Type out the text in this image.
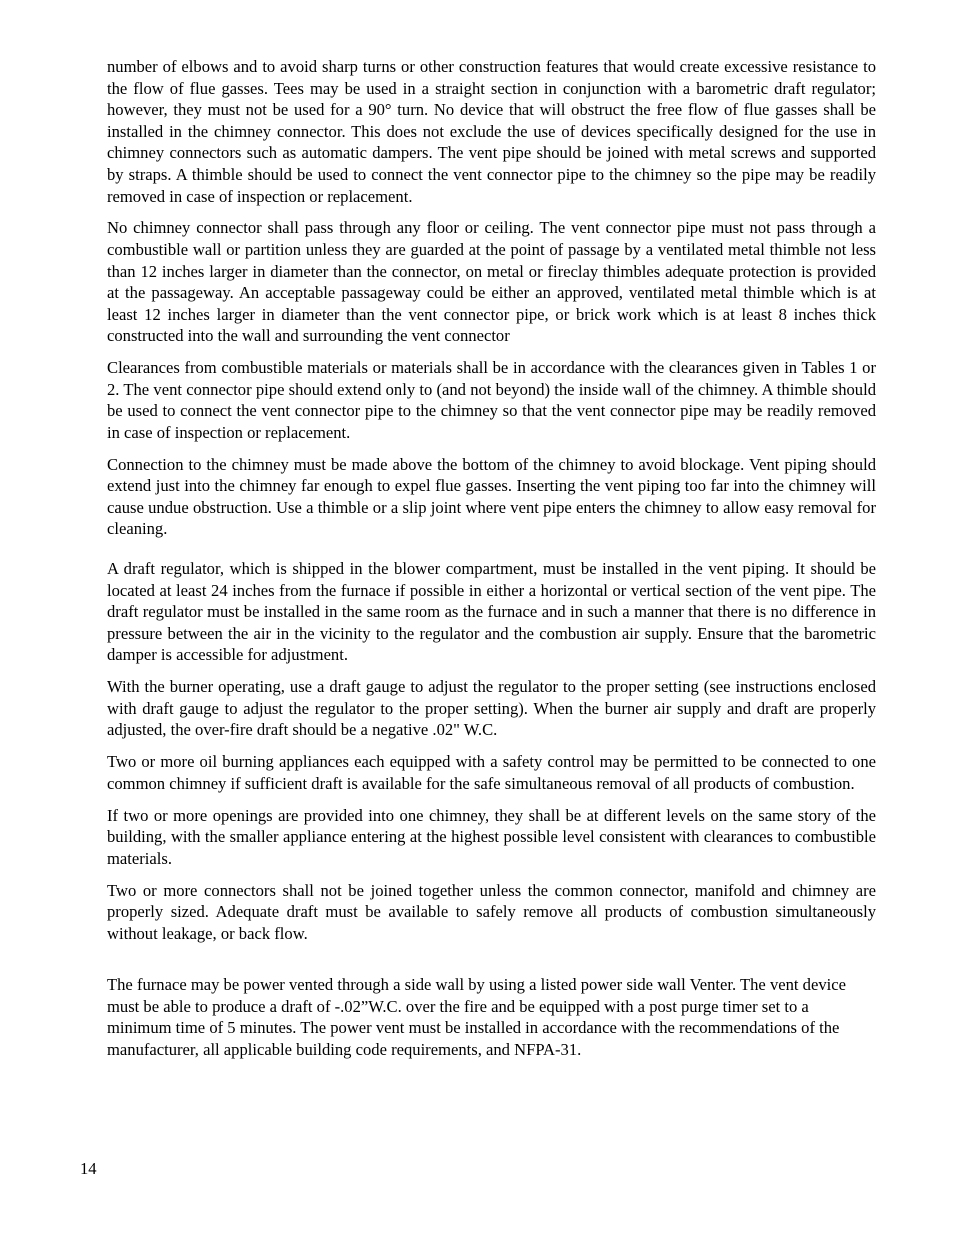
number of elbows and to avoid sharp turns or other construction features that would create excessive resistance to the flow of flue gasses. Tees may be used in a straight section in conjunction with a barometric draft regulator; however, they must not be used for a 90° turn. No device that will obstruct the free flow of flue gasses shall be installed in the chimney connector. This does not exclude the use of devices specifically designed for the use in chimney connectors such as automatic dampers. The vent pipe should be joined with metal screws and supported by straps. A thimble should be used to connect the vent connector pipe to the chimney so the pipe may be readily removed in case of inspection or replacement.

No chimney connector shall pass through any floor or ceiling. The vent connector pipe must not pass through a combustible wall or partition unless they are guarded at the point of passage by a ventilated metal thimble not less than 12 inches larger in diameter than the connector, on metal or fireclay thimbles adequate protection is provided at the passageway. An acceptable passageway could be either an approved, ventilated metal thimble which is at least 12 inches larger in diameter than the vent connector pipe, or brick work which is at least 8 inches thick constructed into the wall and surrounding the vent connector

Clearances from combustible materials or materials shall be in accordance with the clearances given in Tables 1 or 2. The vent connector pipe should extend only to (and not beyond) the inside wall of the chimney. A thimble should be used to connect the vent connector pipe to the chimney so that the vent connector pipe may be readily removed in case of inspection or replacement.

Connection to the chimney must be made above the bottom of the chimney to avoid blockage. Vent piping should extend just into the chimney far enough to expel flue gasses. Inserting the vent piping too far into the chimney will cause undue obstruction. Use a thimble or a slip joint where vent pipe enters the chimney to allow easy removal for cleaning.

A draft regulator, which is shipped in the blower compartment, must be installed in the vent piping. It should be located at least 24 inches from the furnace if possible in either a horizontal or vertical section of the vent pipe. The draft regulator must be installed in the same room as the furnace and in such a manner that there is no difference in pressure between the air in the vicinity to the regulator and the combustion air supply. Ensure that the barometric damper is accessible for adjustment.

With the burner operating, use a draft gauge to adjust the regulator to the proper setting (see instructions enclosed with draft gauge to adjust the regulator to the proper setting). When the burner air supply and draft are properly adjusted, the over-fire draft should be a negative .02" W.C.

Two or more oil burning appliances each equipped with a safety control may be permitted to be connected to one common chimney if sufficient draft is available for the safe simultaneous removal of all products of combustion.

If two or more openings are provided into one chimney, they shall be at different levels on the same story of the building, with the smaller appliance entering at the highest possible level consistent with clearances to combustible materials.

Two or more connectors shall not be joined together unless the common connector, manifold and chimney are properly sized. Adequate draft must be available to safely remove all products of combustion simultaneously without leakage, or back flow.

The furnace may be power vented through a side wall by using a listed power side wall Venter. The vent device must be able to produce a draft of -.02”W.C. over the fire and be equipped with a post purge timer set to a minimum time of 5 minutes. The power vent must be installed in accordance with the recommendations of the manufacturer, all applicable building code requirements, and NFPA-31.

14
